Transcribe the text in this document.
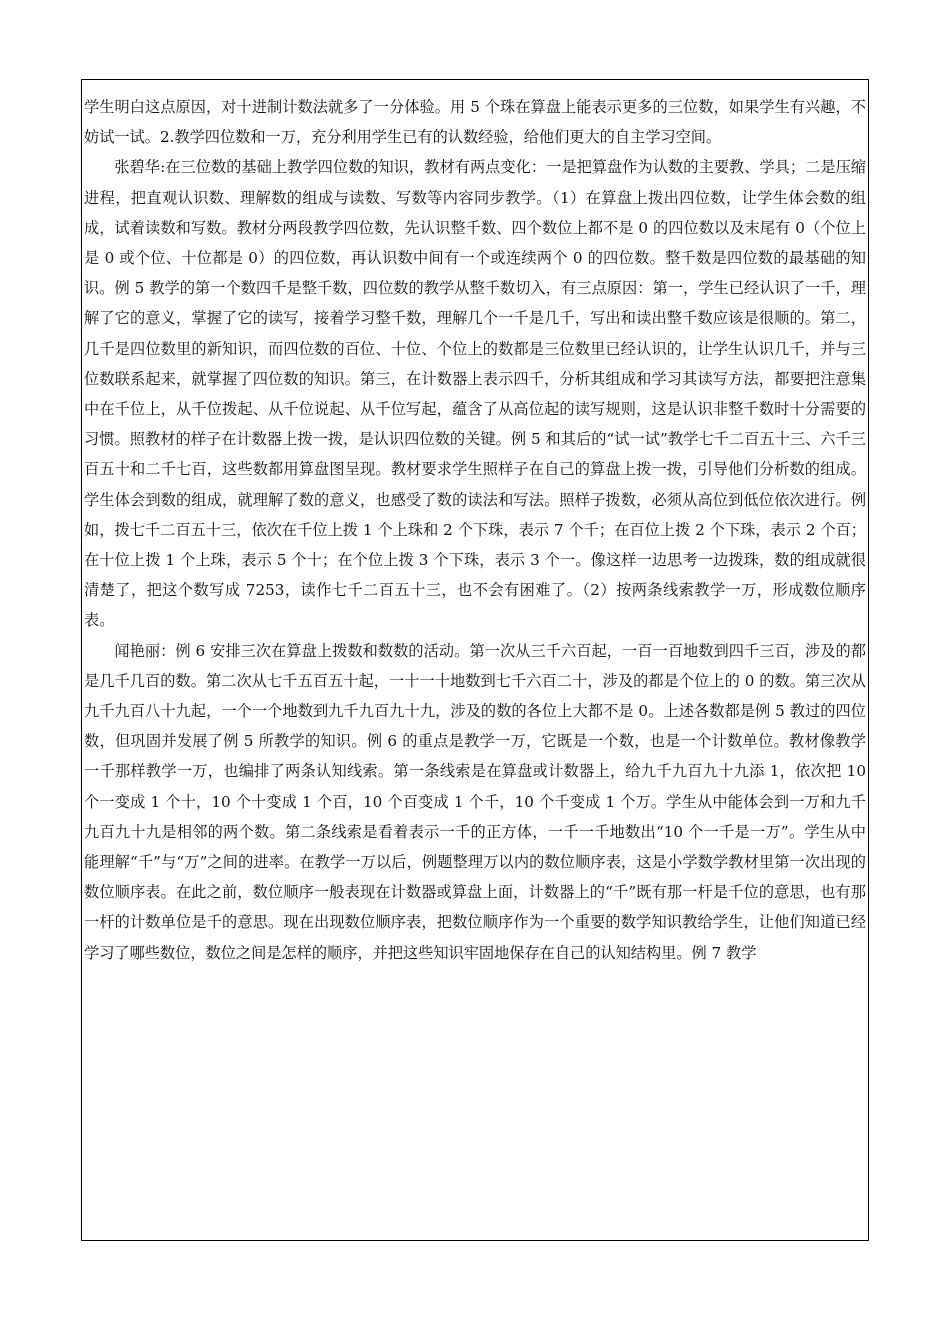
学生明白这点原因，对十进制计数法就多了一分体验。用 5 个珠在算盘上能表示更多的三位数，如果学生有兴趣，不妨试一试。2.教学四位数和一万，充分利用学生已有的认数经验，给他们更大的自主学习空间。

张碧华:在三位数的基础上教学四位数的知识，教材有两点变化：一是把算盘作为认数的主要教、学具；二是压缩进程，把直观认识数、理解数的组成与读数、写数等内容同步教学。（1）在算盘上拨出四位数，让学生体会数的组成，试着读数和写数。教材分两段教学四位数，先认识整千数、四个数位上都不是 0 的四位数以及末尾有 0（个位上是 0 或个位、十位都是 0）的四位数，再认识数中间有一个或连续两个 0 的四位数。整千数是四位数的最基础的知识。例 5 教学的第一个数四千是整千数，四位数的教学从整千数切入，有三点原因：第一，学生已经认识了一千，理解了它的意义，掌握了它的读写，接着学习整千数，理解几个一千是几千，写出和读出整千数应该是很顺的。第二，几千是四位数里的新知识，而四位数的百位、十位、个位上的数都是三位数里已经认识的，让学生认识几千，并与三位数联系起来，就掌握了四位数的知识。第三，在计数器上表示四千，分析其组成和学习其读写方法，都要把注意集中在千位上，从千位拨起、从千位说起、从千位写起，蕴含了从高位起的读写规则，这是认识非整千数时十分需要的习惯。照教材的样子在计数器上拨一拨，是认识四位数的关键。例 5 和其后的“试一试”教学七千二百五十三、六千三百五十和二千七百，这些数都用算盘图呈现。教材要求学生照样子在自己的算盘上拨一拨，引导他们分析数的组成。学生体会到数的组成，就理解了数的意义，也感受了数的读法和写法。照样子拨数，必须从高位到低位依次进行。例如，拨七千二百五十三，依次在千位上拨 1 个上珠和 2 个下珠，表示 7 个千；在百位上拨 2 个下珠，表示 2 个百；在十位上拨 1 个上珠，表示 5 个十；在个位上拨 3 个下珠，表示 3 个一。像这样一边思考一边拨珠，数的组成就很清楚了，把这个数写成 7253，读作七千二百五十三，也不会有困难了。（2）按两条线索教学一万，形成数位顺序表。

闻艳丽：例 6 安排三次在算盘上拨数和数数的活动。第一次从三千六百起，一百一百地数到四千三百，涉及的都是几千几百的数。第二次从七千五百五十起，一十一十地数到七千六百二十，涉及的都是个位上的 0 的数。第三次从九千九百八十九起，一个一个地数到九千九百九十九，涉及的数的各位上大都不是 0。上述各数都是例 5 教过的四位数，但巩固并发展了例 5 所教学的知识。例 6 的重点是教学一万，它既是一个数，也是一个计数单位。教材像教学一千那样教学一万，也编排了两条认知线索。第一条线索是在算盘或计数器上，给九千九百九十九添 1，依次把 10 个一变成 1 个十，10 个十变成 1 个百，10 个百变成 1 个千，10 个千变成 1 个万。学生从中能体会到一万和九千九百九十九是相邻的两个数。第二条线索是看着表示一千的正方体，一千一千地数出“10 个一千是一万”。学生从中能理解“千”与“万”之间的进率。在教学一万以后，例题整理万以内的数位顺序表，这是小学数学教材里第一次出现的数位顺序表。在此之前，数位顺序一般表现在计数器或算盘上面，计数器上的“千”既有那一杆是千位的意思，也有那一杆的计数单位是千的意思。现在出现数位顺序表，把数位顺序作为一个重要的数学知识教给学生，让他们知道已经学习了哪些数位，数位之间是怎样的顺序，并把这些知识牢固地保存在自己的认知结构里。例 7 教学
